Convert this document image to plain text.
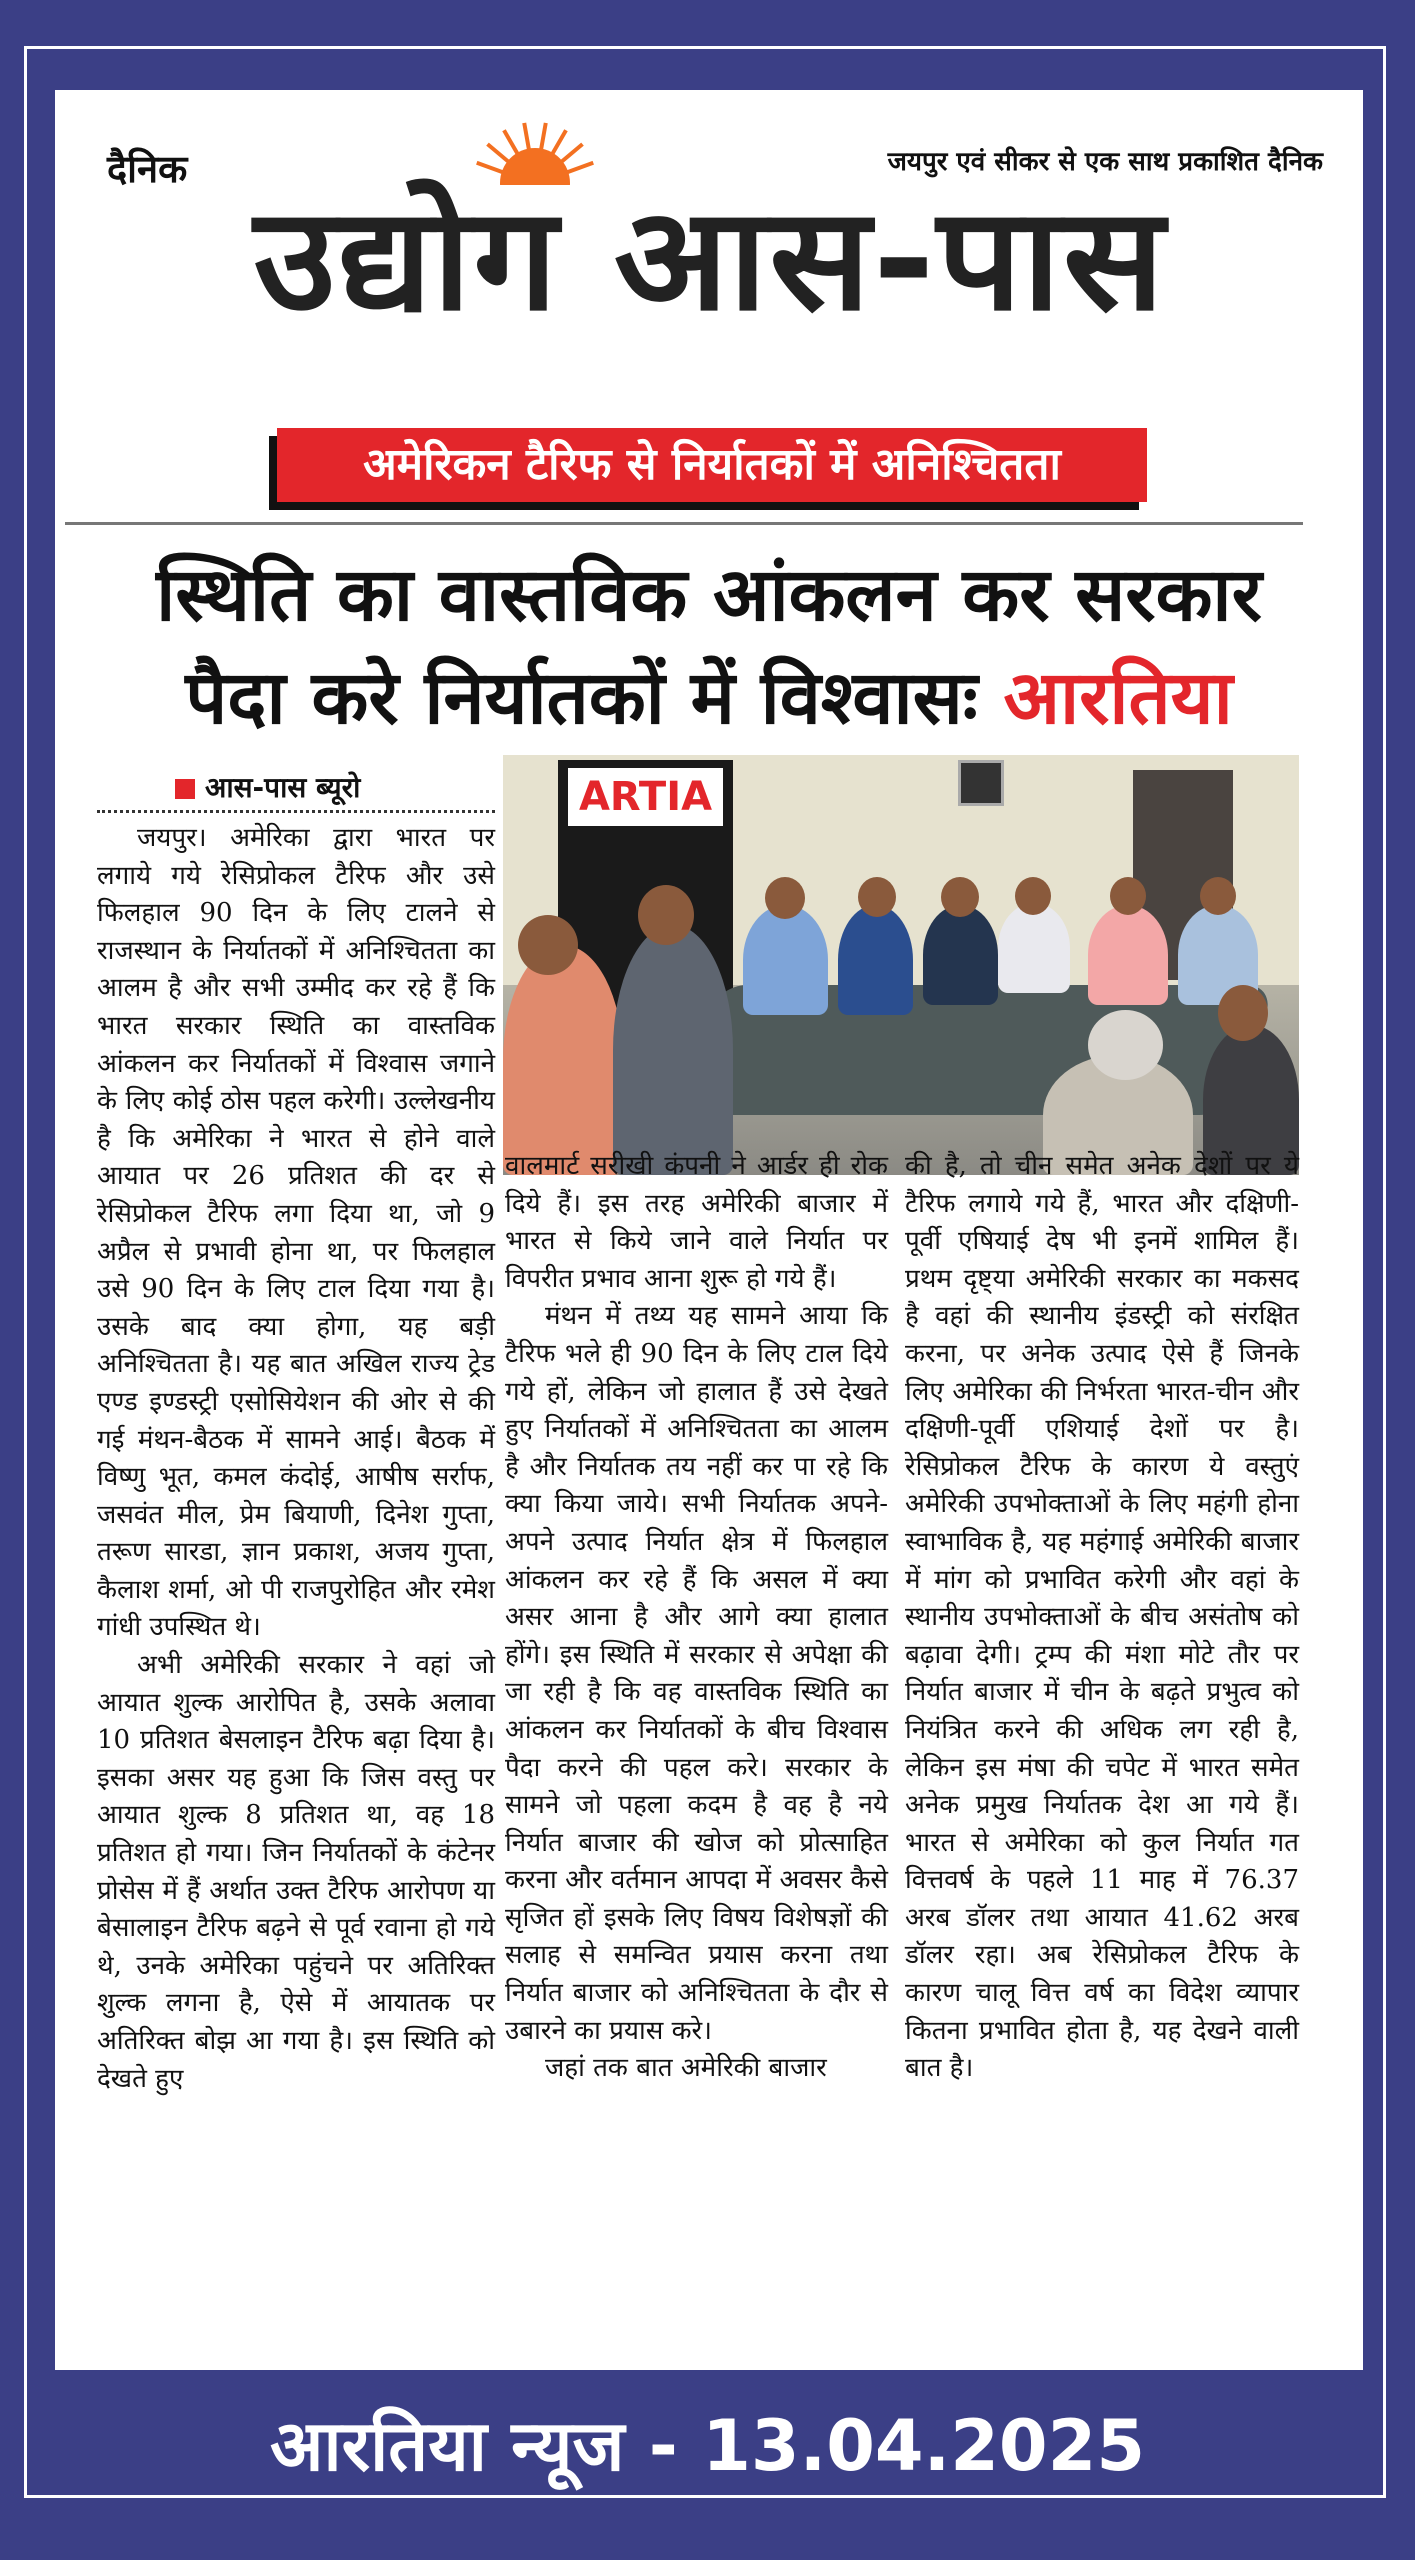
दैनिक	जयपुर एवं सीकर से एक साथ प्रकाशित दैनिक
उद्योग आस-पास
अमेरिकन टैरिफ से निर्यातकों में अनिश्चितता
स्थिति का वास्तविक आंकलन कर सरकार
पैदा करे निर्यातकों में विश्वासः आरतिया
आस-पास ब्यूरो	ARTIA

जयपुर। अमेरिका द्वारा भारत पर लगाये गये रेसिप्रोकल टैरिफ और उसे फिलहाल 90 दिन के लिए टालने से राजस्थान के निर्यातकों में अनिश्चितता का आलम है और सभी उम्मीद कर रहे हैं कि भारत सरकार स्थिति का वास्तविक आंकलन कर निर्यातकों में विश्वास जगाने के लिए कोई ठोस पहल करेगी। उल्लेखनीय है कि अमेरिका ने भारत से होने वाले आयात पर 26 प्रतिशत की दर से रेसिप्रोकल टैरिफ लगा दिया था, जो 9 अप्रैल से प्रभावी होना था, पर फिलहाल उसे 90 दिन के लिए टाल दिया गया है। उसके बाद क्या होगा, यह बड़ी अनिश्चितता है। यह बात अखिल राज्य ट्रेड एण्ड इण्डस्ट्री एसोसियेशन की ओर से की गई मंथन-बैठक में सामने आई। बैठक में विष्णु भूत, कमल कंदोई, आषीष सर्राफ, जसवंत मील, प्रेम बियाणी, दिनेश गुप्ता, तरूण सारडा, ज्ञान प्रकाश, अजय गुप्ता, कैलाश शर्मा, ओ पी राजपुरोहित और रमेश गांधी उपस्थित थे।

अभी अमेरिकी सरकार ने वहां जो आयात शुल्क आरोपित है, उसके अलावा 10 प्रतिशत बेसलाइन टैरिफ बढ़ा दिया है। इसका असर यह हुआ कि जिस वस्तु पर आयात शुल्क 8 प्रतिशत था, वह 18 प्रतिशत हो गया। जिन निर्यातकों के कंटेनर प्रोसेस में हैं अर्थात उक्त टैरिफ आरोपण या बेसालाइन टैरिफ बढ़ने से पूर्व रवाना हो गये थे, उनके अमेरिका पहुंचने पर अतिरिक्त शुल्क लगना है, ऐसे में आयातक पर अतिरिक्त बोझ आ गया है। इस स्थिति को देखते हुए

वालमार्ट सरीखी कंपनी ने आर्डर ही रोक दिये हैं। इस तरह अमेरिकी बाजार में भारत से किये जाने वाले निर्यात पर विपरीत प्रभाव आना शुरू हो गये हैं।

मंथन में तथ्य यह सामने आया कि टैरिफ भले ही 90 दिन के लिए टाल दिये गये हों, लेकिन जो हालात हैं उसे देखते हुए निर्यातकों में अनिश्चितता का आलम है और निर्यातक तय नहीं कर पा रहे कि क्या किया जाये। सभी निर्यातक अपने-अपने उत्पाद निर्यात क्षेत्र में फिलहाल आंकलन कर रहे हैं कि असल में क्या असर आना है और आगे क्या हालात होंगे। इस स्थिति में सरकार से अपेक्षा की जा रही है कि वह वास्तविक स्थिति का आंकलन कर निर्यातकों के बीच विश्वास पैदा करने की पहल करे। सरकार के सामने जो पहला कदम है वह है नये निर्यात बाजार की खोज को प्रोत्साहित करना और वर्तमान आपदा में अवसर कैसे सृजित हों इसके लिए विषय विशेषज्ञों की सलाह से समन्वित प्रयास करना तथा निर्यात बाजार को अनिश्चितता के दौर से उबारने का प्रयास करे।

जहां तक बात अमेरिकी बाजार

की है, तो चीन समेत अनेक देशों पर ये टैरिफ लगाये गये हैं, भारत और दक्षिणी-पूर्वी एषियाई देष भी इनमें शामिल हैं। प्रथम दृष्ट्या अमेरिकी सरकार का मकसद है वहां की स्थानीय इंडस्ट्री को संरक्षित करना, पर अनेक उत्पाद ऐसे हैं जिनके लिए अमेरिका की निर्भरता भारत-चीन और दक्षिणी-पूर्वी एशियाई देशों पर है। रेसिप्रोकल टैरिफ के कारण ये वस्तुएं अमेरिकी उपभोक्ताओं के लिए महंगी होना स्वाभाविक है, यह महंगाई अमेरिकी बाजार में मांग को प्रभावित करेगी और वहां के स्थानीय उपभोक्ताओं के बीच असंतोष को बढ़ावा देगी। ट्रम्प की मंशा मोटे तौर पर निर्यात बाजार में चीन के बढ़ते प्रभुत्व को नियंत्रित करने की अधिक लग रही है, लेकिन इस मंषा की चपेट में भारत समेत अनेक प्रमुख निर्यातक देश आ गये हैं। भारत से अमेरिका को कुल निर्यात गत वित्तवर्ष के पहले 11 माह में 76.37 अरब डॉलर तथा आयात 41.62 अरब डॉलर रहा। अब रेसिप्रोकल टैरिफ के कारण चालू वित्त वर्ष का विदेश व्यापार कितना प्रभावित होता है, यह देखने वाली बात है।

आरतिया न्यूज - 13.04.2025
